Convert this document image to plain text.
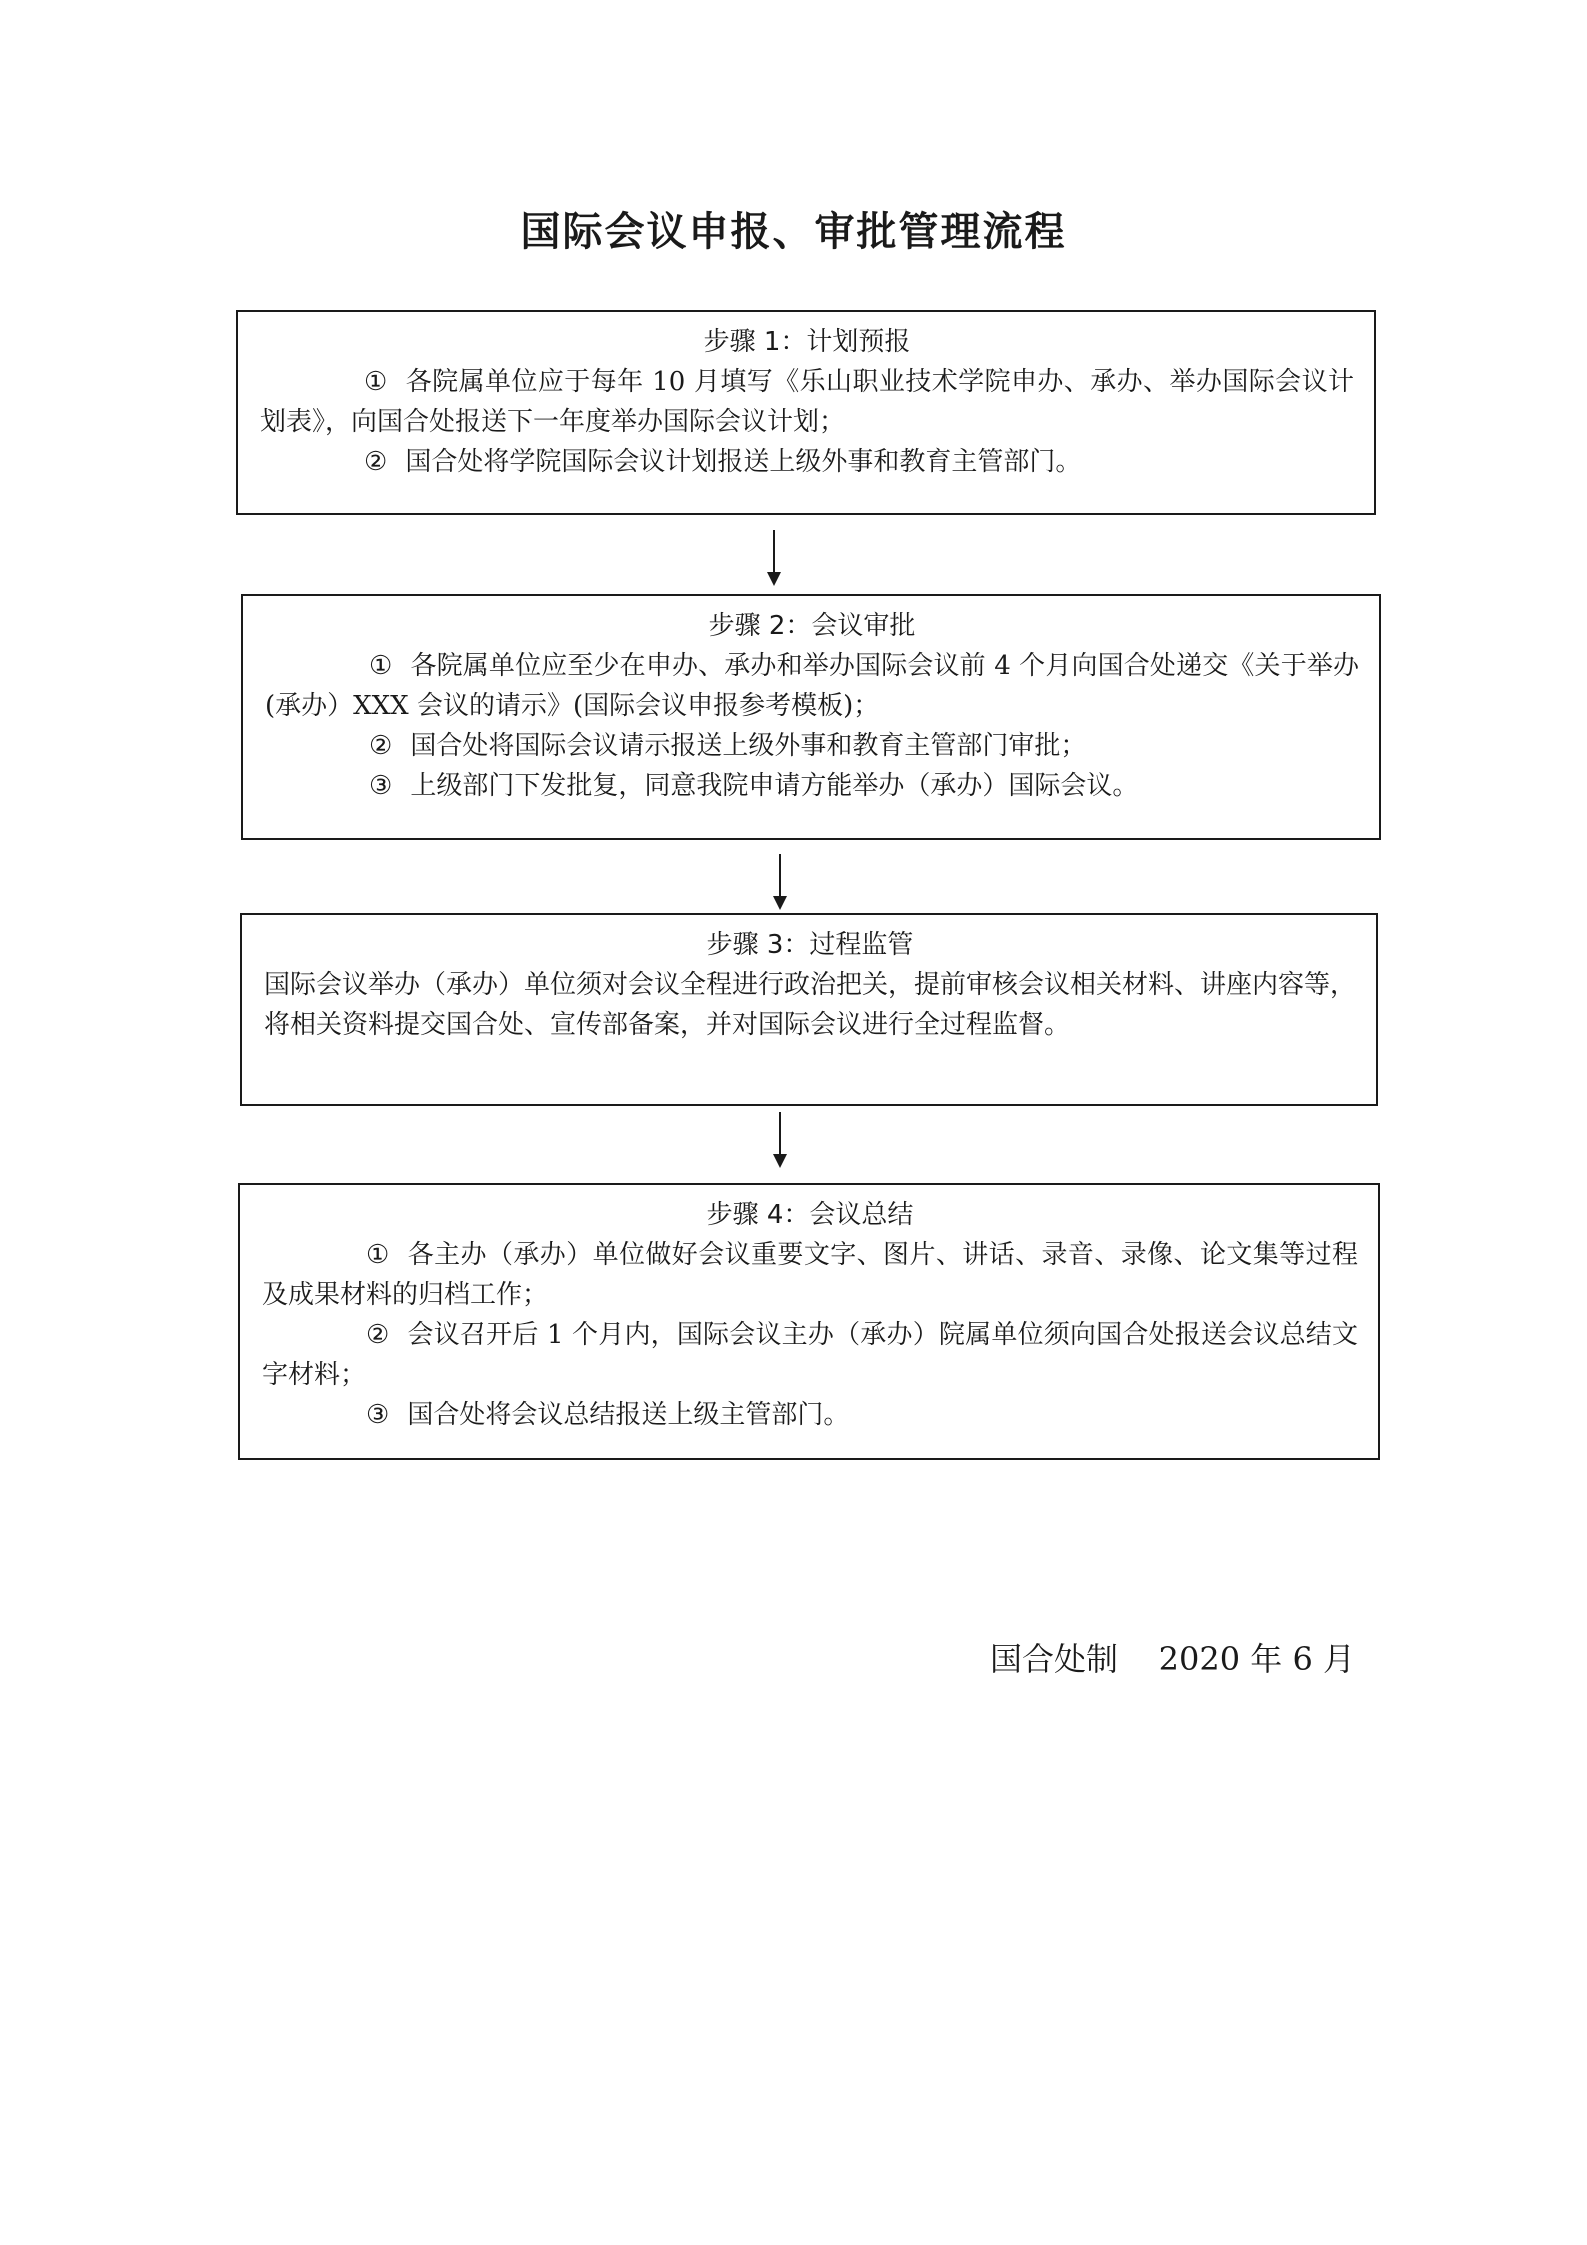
国际会议申报、审批管理流程
步骤 1：计划预报

① 各院属单位应于每年 10 月填写《乐山职业技术学院申办、承办、举办国际会议计划表》，向国合处报送下一年度举办国际会议计划；

② 国合处将学院国际会议计划报送上级外事和教育主管部门。

步骤 2：会议审批

① 各院属单位应至少在申办、承办和举办国际会议前 4 个月向国合处递交《关于举办(承办）XXX 会议的请示》(国际会议申报参考模板)；

② 国合处将国际会议请示报送上级外事和教育主管部门审批；

③ 上级部门下发批复，同意我院申请方能举办（承办）国际会议。

步骤 3：过程监管

国际会议举办（承办）单位须对会议全程进行政治把关，提前审核会议相关材料、讲座内容等，将相关资料提交国合处、宣传部备案，并对国际会议进行全过程监督。

步骤 4：会议总结

① 各主办（承办）单位做好会议重要文字、图片、讲话、录音、录像、论文集等过程及成果材料的归档工作；

② 会议召开后 1 个月内，国际会议主办（承办）院属单位须向国合处报送会议总结文字材料；

③ 国合处将会议总结报送上级主管部门。

国合处制 2020 年 6 月
